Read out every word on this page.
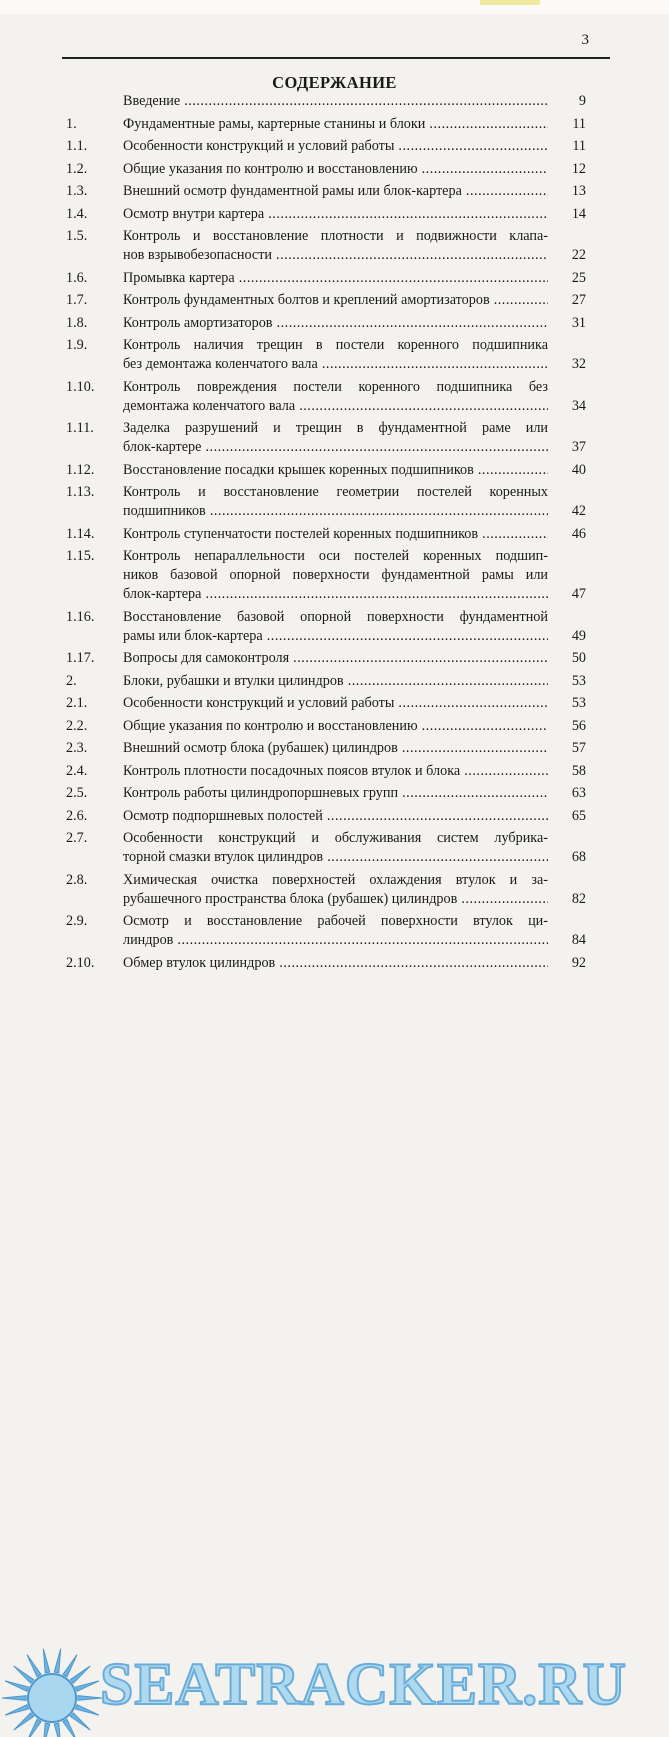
3
СОДЕРЖАНИЕ
Введение .....	9
1.	Фундаментные рамы, картерные станины и блоки .....	11
1.1.	Особенности конструкций и условий работы .....	11
1.2.	Общие указания по контролю и восстановлению .....	12
1.3.	Внешний осмотр фундаментной рамы или блок-картера .....	13
1.4.	Осмотр внутри картера .....	14
1.5.	Контроль и восстановление плотности и подвижности клапа-
нов взрывобезопасности .....	22
1.6.	Промывка картера .....	25
1.7.	Контроль фундаментных болтов и креплений амортизаторов .....	27
1.8.	Контроль амортизаторов .....	31
1.9.	Контроль наличия трещин в постели коренного подшипника
без демонтажа коленчатого вала .....	32
1.10. Контроль повреждения постели коренного подшипника без
демонтажа коленчатого вала .....	34
1.11. Заделка разрушений и трещин в фундаментной раме или
блок-картере .....	37
1.12. Восстановление посадки крышек коренных подшипников .....	40
1.13. Контроль и восстановление геометрии постелей коренных
подшипников .....	42
1.14. Контроль ступенчатости постелей коренных подшипников .....	46
1.15. Контроль непараллельности оси постелей коренных подшип-
ников базовой опорной поверхности фундаментной рамы или
блок-картера .....	47
1.16. Восстановление базовой опорной поверхности фундаментной
рамы или блок-картера .....	49
1.17. Вопросы для самоконтроля .....	50
2.	Блоки, рубашки и втулки цилиндров .....	53
2.1.	Особенности конструкций и условий работы .....	53
2.2.	Общие указания по контролю и восстановлению .....	56
2.3.	Внешний осмотр блока (рубашек) цилиндров .....	57
2.4.	Контроль плотности посадочных поясов втулок и блока .....	58
2.5.	Контроль работы цилиндропоршневых групп .....	63
2.6.	Осмотр подпоршневых полостей .....	65
2.7.	Особенности конструкций и обслуживания систем лубрика-
торной смазки втулок цилиндров .....	68
2.8.	Химическая очистка поверхностей охлаждения втулок и за-
рубашечного пространства блока (рубашек) цилиндров .....	82
2.9.	Осмотр и восстановление рабочей поверхности втулок ци-
линдров .....	84
2.10. Обмер втулок цилиндров .....	92
SEATRACKER.RU
